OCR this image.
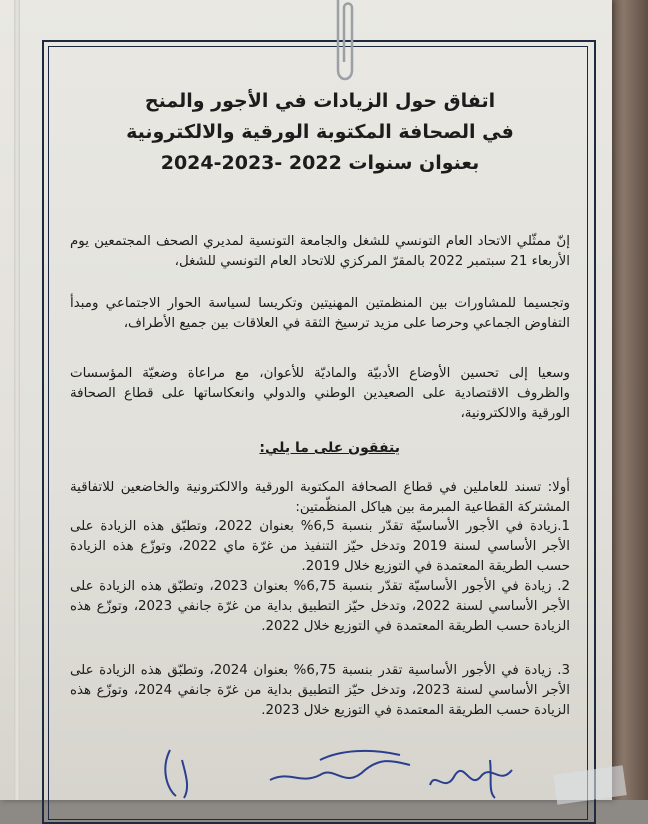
اتفاق حول الزيادات في الأجور والمنح
في الصحافة المكتوبة الورقية والالكترونية
بعنوان سنوات 2022 -2023-2024

إنّ ممثّلي الاتحاد العام التونسي للشغل والجامعة التونسية لمديري الصحف المجتمعين يوم الأربعاء 21 سبتمبر 2022 بالمقرّ المركزي للاتحاد العام التونسي للشغل،

وتجسيما للمشاورات بين المنظمتين المهنيتين وتكريسا لسياسة الحوار الاجتماعي ومبدأ التفاوض الجماعي وحرصا على مزيد ترسيخ الثقة في العلاقات بين جميع الأطراف،

وسعيا إلى تحسين الأوضاع الأدبيّة والماديّة للأعوان، مع مراعاة وضعيّة المؤسسات والظروف الاقتصادية على الصعيدين الوطني والدولي وانعكاساتها على قطاع الصحافة الورقية والالكترونية،

يتفقون على ما يلي:

أولا: تسند للعاملين في قطاع الصحافة المكتوبة الورقية والالكترونية والخاضعين للاتفاقية المشتركة القطاعية المبرمة بين هياكل المنظّمتين:

1.زيادة في الأجور الأساسيّة تقدّر بنسبة 6,5% بعنوان 2022، وتطبّق هذه الزيادة على الأجر الأساسي لسنة 2019 وتدخل حيّز التنفيذ من غرّة ماي 2022، وتوزّع هذه الزيادة حسب الطريقة المعتمدة في التوزيع خلال 2019.

2. زيادة في الأجور الأساسيّة تقدّر بنسبة 6,75% بعنوان 2023، وتطبّق هذه الزيادة على الأجر الأساسي لسنة 2022، وتدخل حيّز التطبيق بداية من غرّة جانفي 2023، وتوزّع هذه الزيادة حسب الطريقة المعتمدة في التوزيع خلال 2022.

3. زيادة في الأجور الأساسية تقدر بنسبة 6,75% بعنوان 2024، وتطبّق هذه الزيادة على الأجر الأساسي لسنة 2023، وتدخل حيّز التطبيق بداية من غرّة جانفي 2024، وتوزّع هذه الزيادة حسب الطريقة المعتمدة في التوزيع خلال 2023.
